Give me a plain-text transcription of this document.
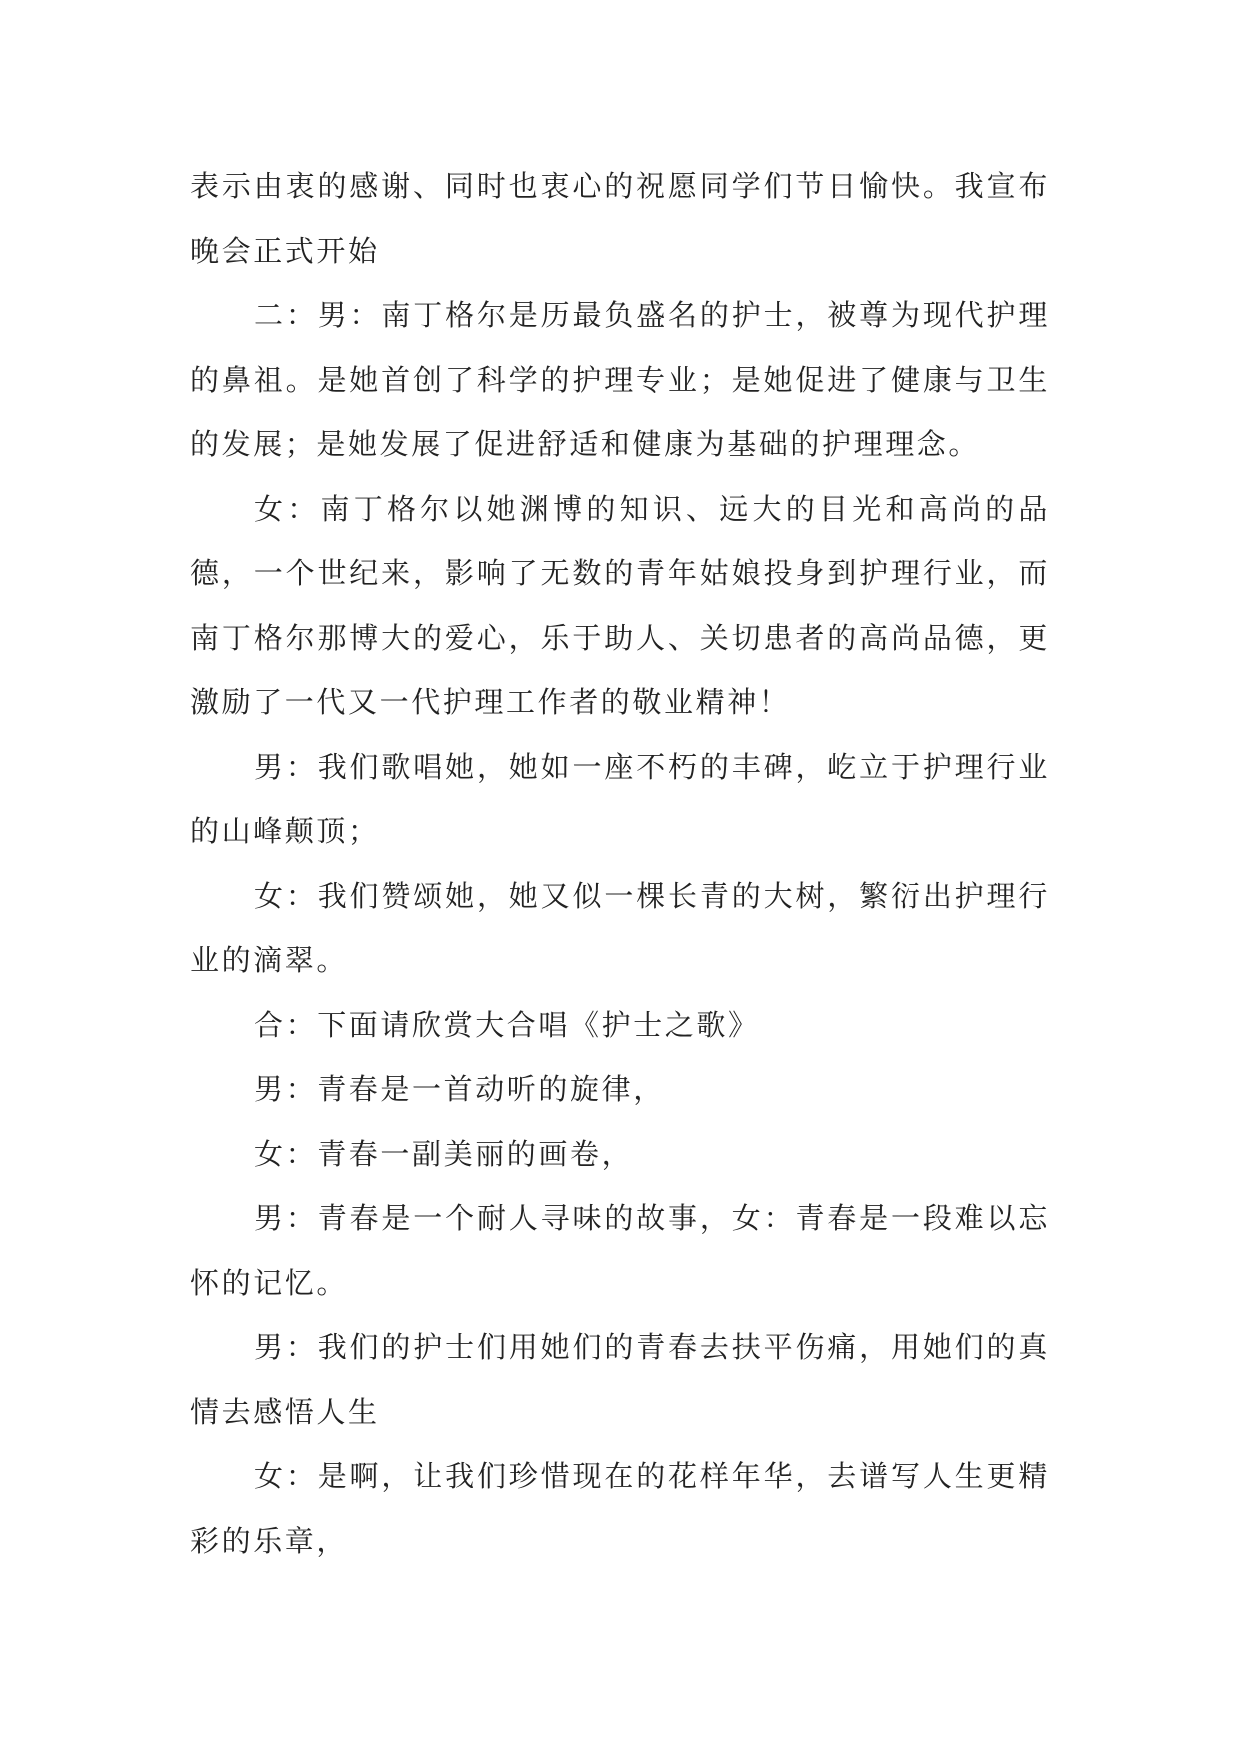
表示由衷的感谢、同时也衷心的祝愿同学们节日愉快。我宣布晚会正式开始

二：男：南丁格尔是历最负盛名的护士，被尊为现代护理的鼻祖。是她首创了科学的护理专业；是她促进了健康与卫生的发展；是她发展了促进舒适和健康为基础的护理理念。

女：南丁格尔以她渊博的知识、远大的目光和高尚的品德，一个世纪来，影响了无数的青年姑娘投身到护理行业，而南丁格尔那博大的爱心，乐于助人、关切患者的高尚品德，更激励了一代又一代护理工作者的敬业精神！

男：我们歌唱她，她如一座不朽的丰碑，屹立于护理行业的山峰颠顶；

女：我们赞颂她，她又似一棵长青的大树，繁衍出护理行业的滴翠。

合：下面请欣赏大合唱《护士之歌》

男：青春是一首动听的旋律，

女：青春一副美丽的画卷，

男：青春是一个耐人寻味的故事，女：青春是一段难以忘怀的记忆。

男：我们的护士们用她们的青春去扶平伤痛，用她们的真情去感悟人生

女：是啊，让我们珍惜现在的花样年华，去谱写人生更精彩的乐章，
